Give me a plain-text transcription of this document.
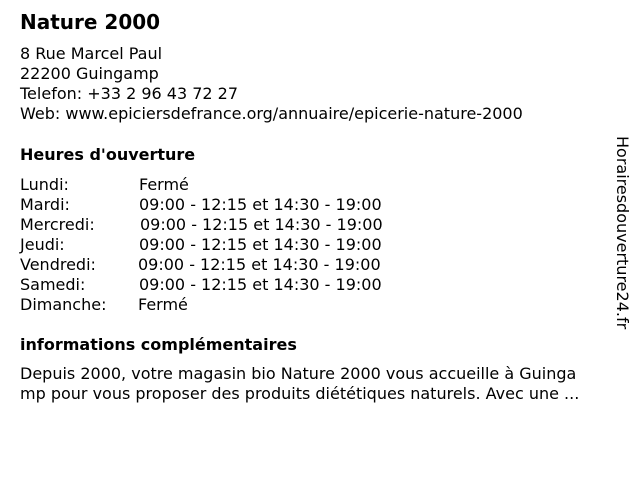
Nature 2000
8 Rue Marcel Paul
22200 Guingamp
Telefon: +33 2 96 43 72 27
Web: www.epiciersdefrance.org/annuaire/epicerie-nature-2000
Heures d'ouverture
Lundi:	Fermé
Mardi:	09:00 - 12:15 et 14:30 - 19:00
Mercredi:	09:00 - 12:15 et 14:30 - 19:00
Jeudi:	09:00 - 12:15 et 14:30 - 19:00
Vendredi:	09:00 - 12:15 et 14:30 - 19:00
Samedi:	09:00 - 12:15 et 14:30 - 19:00
Dimanche: Fermé
informations complémentaires
Depuis 2000, votre magasin bio Nature 2000 vous accueille à Guinga
mp pour vous proposer des produits diététiques naturels. Avec une ...
Horairesdouverture24.fr
